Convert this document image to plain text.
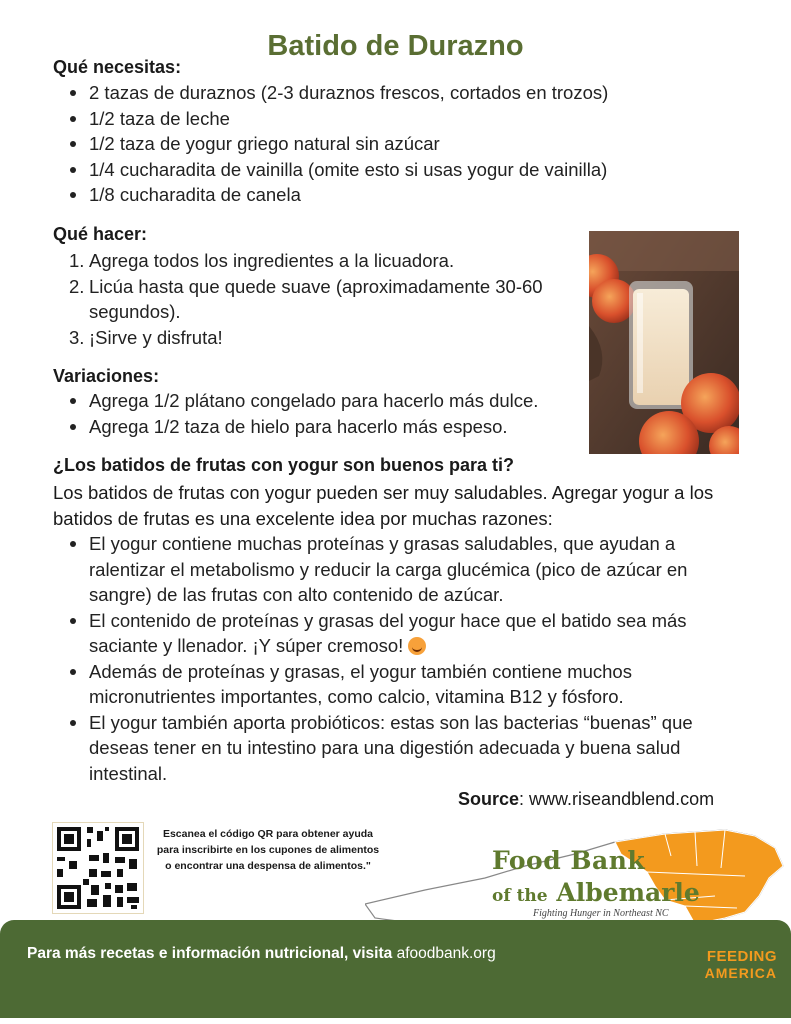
Batido de Durazno
Qué necesitas:
2 tazas de duraznos (2-3 duraznos frescos, cortados en trozos)
1/2 taza de leche
1/2 taza de yogur griego natural sin azúcar
1/4 cucharadita de vainilla (omite esto si usas yogur de vainilla)
1/8 cucharadita de canela
Qué hacer:
1. Agrega todos los ingredientes a la licuadora.
2. Licúa hasta que quede suave (aproximadamente 30-60 segundos).
3. ¡Sirve y disfruta!
Variaciones:
Agrega 1/2 plátano congelado para hacerlo más dulce.
Agrega 1/2 taza de hielo para hacerlo más espeso.
¿Los batidos de frutas con yogur son buenos para ti?

Los batidos de frutas con yogur pueden ser muy saludables. Agregar yogur a los batidos de frutas es una excelente idea por muchas razones:

El yogur contiene muchas proteínas y grasas saludables, que ayudan a ralentizar el metabolismo y reducir la carga glucémica (pico de azúcar en sangre) de las frutas con alto contenido de azúcar.
El contenido de proteínas y grasas del yogur hace que el batido sea más saciante y llenador. ¡Y súper cremoso!
Además de proteínas y grasas, el yogur también contiene muchos micronutrientes importantes, como calcio, vitamina B12 y fósforo.
El yogur también aporta probióticos: estas son las bacterias “buenas” que deseas tener en tu intestino para una digestión adecuada y buena salud intestinal.
Source: www.riseandblend.com

Escanea el código QR para obtener ayuda para inscribirte en los cupones de alimentos o encontrar una despensa de alimentos."	Food Bank
of the Albemarle
Fighting Hunger in Northeast NC

Para más recetas e información nutricional, visita afoodbank.org	FEEDING
AMERICA
